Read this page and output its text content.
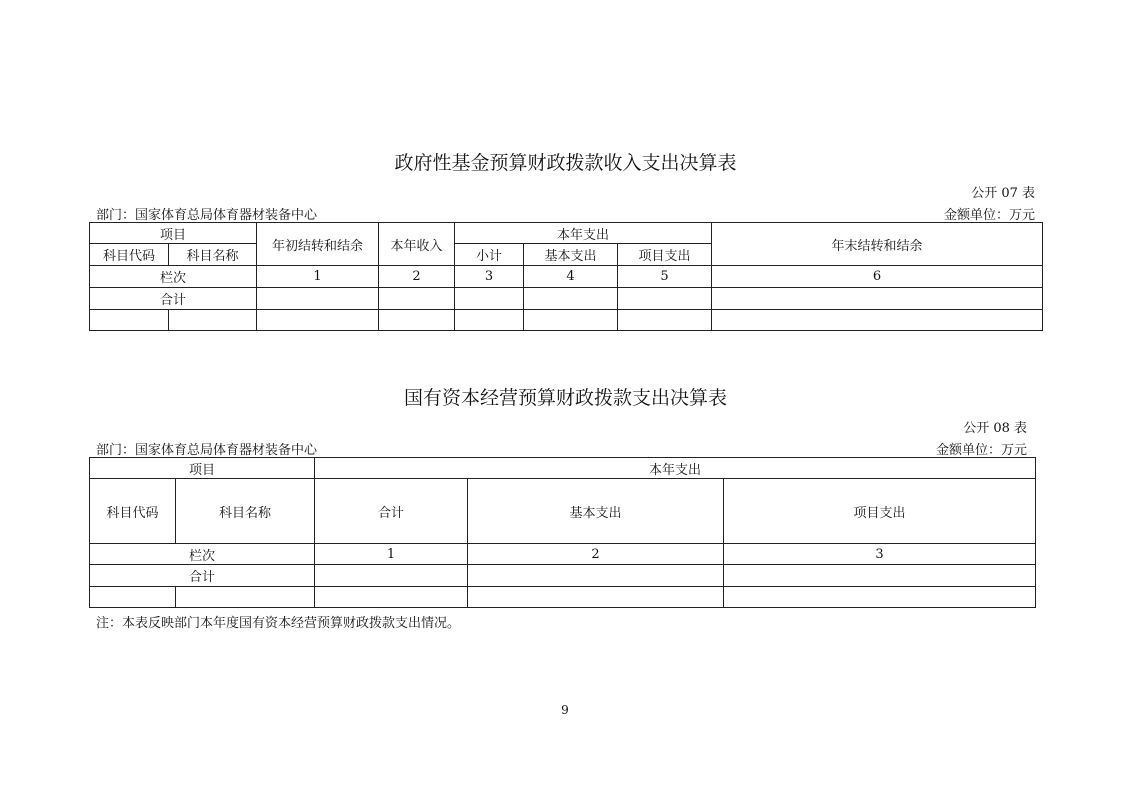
政府性基金预算财政拨款收入支出决算表
公开 07 表
部门：国家体育总局体育器材装备中心	金额单位：万元
项目		年初结转和结余	本年收入	本年支出			年末结转和结余
科目代码	科目名称			小计	基本支出	项目支出	
栏次		1	2	3	4	5	6
合计							

国有资本经营预算财政拨款支出决算表
公开 08 表
部门：国家体育总局体育器材装备中心	金额单位：万元
项目		本年支出		
科目代码	科目名称	合计	基本支出	项目支出
栏次		1	2	3
合计				

注：本表反映部门本年度国有资本经营预算财政拨款支出情况。
9
